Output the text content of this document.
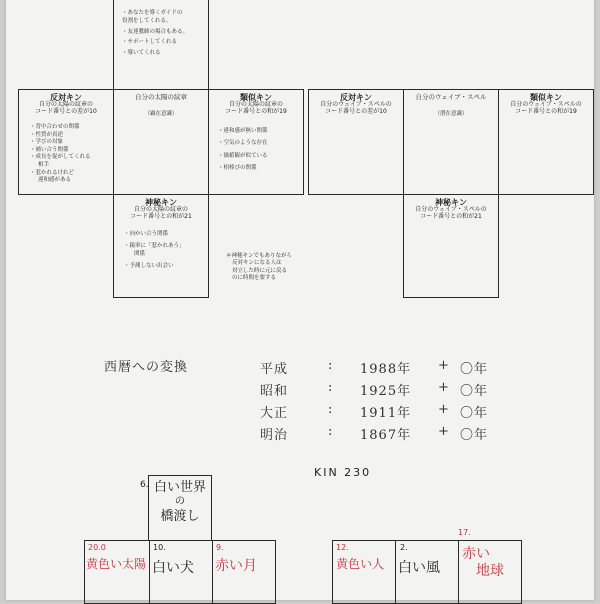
・あなたを導くガイドの
役割をしてくれる。
・友達教師の場合もある。
・サポートしてくれる
・導いてくれる
反対キン
自分の太陽の紋章の
コード番号との差が10
・背中合わせの関係
・性質が真逆
・学びの対象
・補い合う関係
・成長を促がしてくれる
相手
・惹かれるけれど
違和感がある
自分の太陽の紋章
（顕在意識）
類似キン
自分の太陽の紋章の
コード番号との和が19
・違和感が無い関係
・空気のような存在
・価値観が似ている
・相棒ぴの関係
神秘キン
自分の太陽の紋章の
コード番号との和が21
・向かい合う関係
・鏡率に「惹かれあう」
関係
・予測しない出会い
＊神秘キンでもありながら
反対キンになる人は
対立した時に元に戻る
のに時間を要する
反対キン
自分のウェイブ・スペルの
コード番号との差が10
自分のウェイブ・スペル
（潜在意識）
類似キン
自分のウェイブ・スペルの
コード番号との和が19
神秘キン
自分のウェイブ・スペルの
コード番号との和が21
西暦への変換	平成	: 1988年 + 〇年
昭和	: 1925年 + 〇年
大正	: 1911年 + 〇年
明治	: 1867年 + 〇年
KIN 230
6. 白い世界
の
橋渡し
20.0
黄色い太陽
10.
白い犬
9.
赤い月
12.
黄色い人
2.
白い風
17.
赤い
地球
